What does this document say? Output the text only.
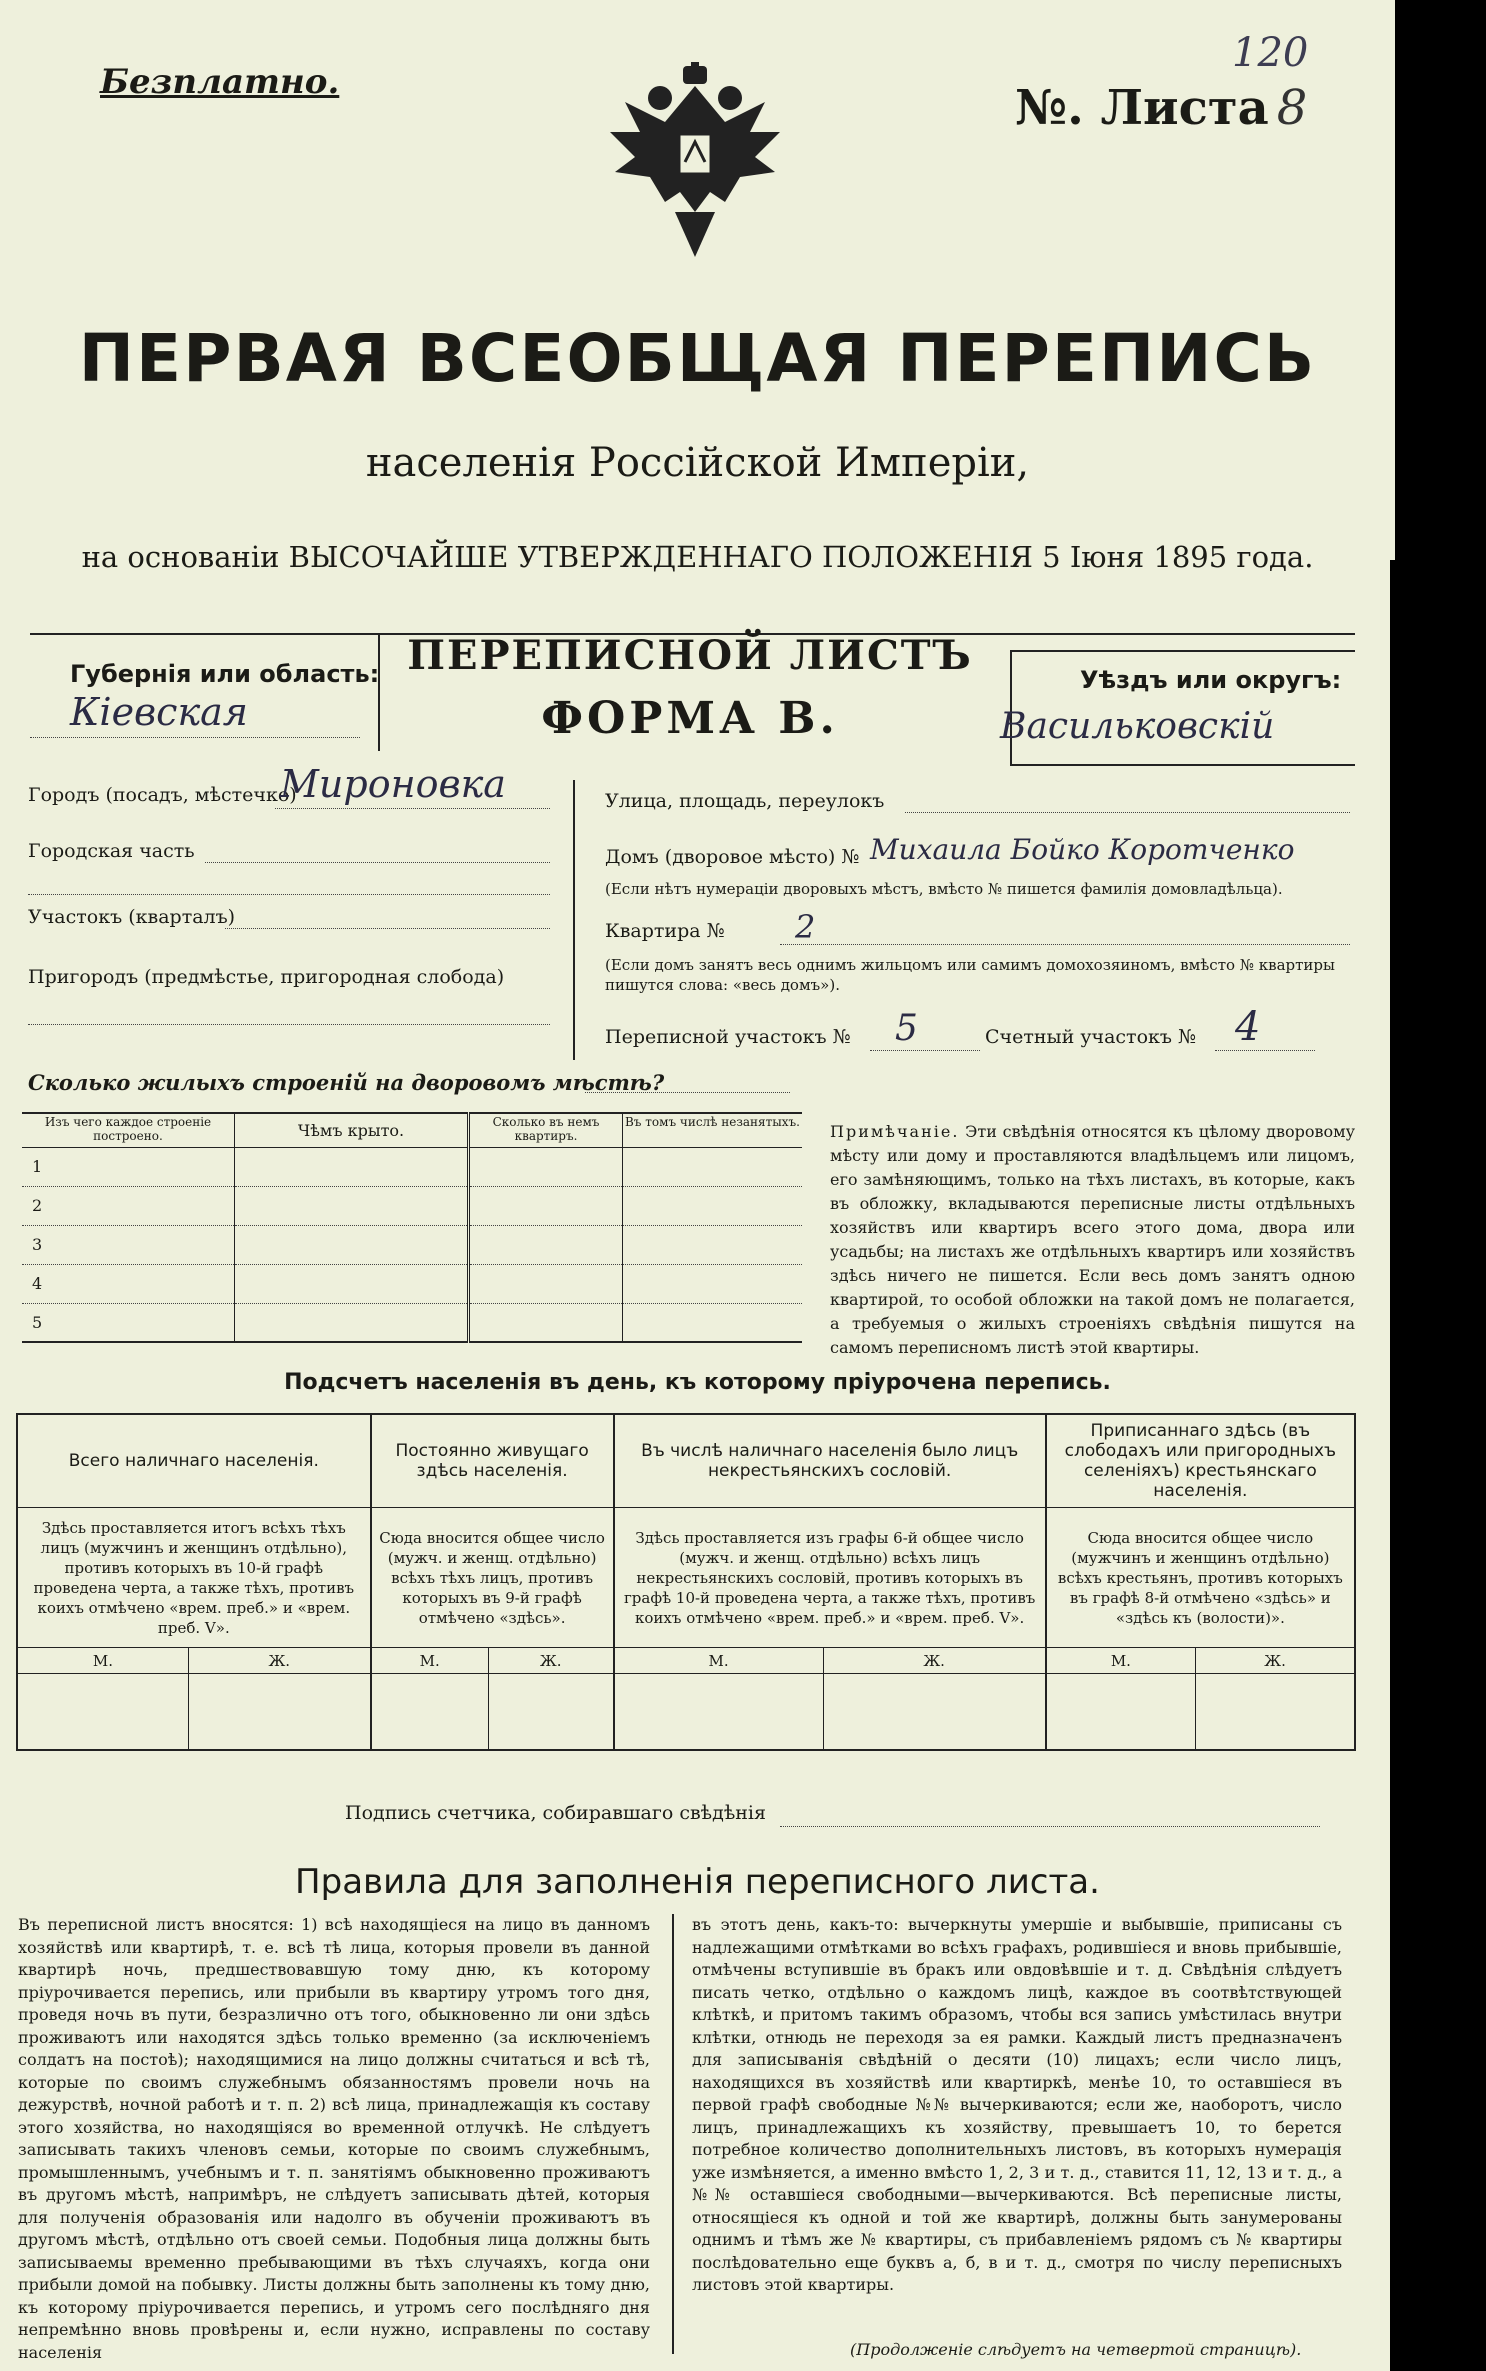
Безплатно.
120
№. Листа 8
ПЕРВАЯ ВСЕОБЩАЯ ПЕРЕПИСЬ
населенія Россійской Имперіи,
на основаніи ВЫСОЧАЙШЕ УТВЕРЖДЕННАГО ПОЛОЖЕНІЯ 5 Іюня 1895 года.
Губернія или область:
Кіевская
ПЕРЕПИСНОЙ ЛИСТЪ
ФОРМА В.
Уѣздъ или округъ:
Васильковскій
Городъ (посадъ, мѣстечко)
Мироновка
Городская часть
Участокъ (кварталъ)
Пригородъ (предмѣстье, пригородная слобода)
Улица, площадь, переулокъ
Домъ (дворовое мѣсто) № Михаила Бойко Коротченко
(Если нѣтъ нумераціи дворовыхъ мѣстъ, вмѣсто № пишется фамилія домовладѣльца).
Квартира № 2
(Если домъ занятъ весь однимъ жильцомъ или самимъ домохозяиномъ, вмѣсто № квартиры пишутся слова: «весь домъ»).
Переписной участокъ № 5	Счетный участокъ № 4
Сколько жилыхъ строеній на дворовомъ мѣстѣ?
Изъ чего каждое строеніе построено.	Чѣмъ крыто.	Сколько въ немъ квартиръ.	Въ томъ числѣ незанятыхъ.
1			
2			
3			
4			
5			
Примѣчаніе. Эти свѣдѣнія относятся къ цѣлому дворовому мѣсту или дому и проставляются владѣльцемъ или лицомъ, его замѣняющимъ, только на тѣхъ листахъ, въ которые, какъ въ обложку, вкладываются переписные листы отдѣльныхъ хозяйствъ или квартиръ всего этого дома, двора или усадьбы; на листахъ же отдѣльныхъ квартиръ или хозяйствъ здѣсь ничего не пишется. Если весь домъ занятъ одною квартирой, то особой обложки на такой домъ не полагается, а требуемыя о жилыхъ строеніяхъ свѣдѣнія пишутся на самомъ переписномъ листѣ этой квартиры.
Подсчетъ населенія въ день, къ которому пріурочена перепись.
Всего наличнаго населенія.		Постоянно живущаго здѣсь населенія.		Въ числѣ наличнаго населенія было лицъ некрестьянскихъ сословій.		Приписаннаго здѣсь (въ слободахъ или пригородныхъ селеніяхъ) крестьянскаго населенія.	
Здѣсь проставляется итогъ всѣхъ тѣхъ лицъ (мужчинъ и женщинъ отдѣльно), противъ которыхъ въ 10-й графѣ проведена черта, а также тѣхъ, противъ коихъ отмѣчено «врем. преб.» и «врем. преб. V».		Сюда вносится общее число (мужч. и женщ. отдѣльно) всѣхъ тѣхъ лицъ, противъ которыхъ въ 9-й графѣ отмѣчено «здѣсь».		Здѣсь проставляется изъ графы 6-й общее число (мужч. и женщ. отдѣльно) всѣхъ лицъ некрестьянскихъ сословій, противъ которыхъ въ графѣ 10-й проведена черта, а также тѣхъ, противъ коихъ отмѣчено «врем. преб.» и «врем. преб. V».		Сюда вносится общее число (мужчинъ и женщинъ отдѣльно) всѣхъ крестьянъ, противъ которыхъ въ графѣ 8-й отмѣчено «здѣсь» и «здѣсь къ (волости)».	
М.	Ж.	М.	Ж.	М.	Ж.	М.	Ж.

Подпись счетчика, собиравшаго свѣдѣнія
Правила для заполненія переписного листа.
Въ переписной листъ вносятся: 1) всѣ находящіеся на лицо въ данномъ хозяйствѣ или квартирѣ, т. е. всѣ тѣ лица, которыя провели въ данной квартирѣ ночь, предшествовавшую тому дню, къ которому пріурочивается перепись, или прибыли въ квартиру утромъ того дня, проведя ночь въ пути, безразлично отъ того, обыкновенно ли они здѣсь проживаютъ или находятся здѣсь только временно (за исключеніемъ солдатъ на постоѣ); находящимися на лицо должны считаться и всѣ тѣ, которые по своимъ служебнымъ обязанностямъ провели ночь на дежурствѣ, ночной работѣ и т. п. 2) всѣ лица, принадлежащія къ составу этого хозяйства, но находящіяся во временной отлучкѣ. Не слѣдуетъ записывать такихъ членовъ семьи, которые по своимъ служебнымъ, промышленнымъ, учебнымъ и т. п. занятіямъ обыкновенно проживаютъ въ другомъ мѣстѣ, напримѣръ, не слѣдуетъ записывать дѣтей, которыя для полученія образованія или надолго въ обученіи проживаютъ въ другомъ мѣстѣ, отдѣльно отъ своей семьи. Подобныя лица должны быть записываемы временно пребывающими въ тѣхъ случаяхъ, когда они прибыли домой на побывку. Листы должны быть заполнены къ тому дню, къ которому пріурочивается перепись, и утромъ сего послѣдняго дня непремѣнно вновь провѣрены и, если нужно, исправлены по составу населенія
въ этотъ день, какъ-то: вычеркнуты умершіе и выбывшіе, приписаны съ надлежащими отмѣтками во всѣхъ графахъ, родившіеся и вновь прибывшіе, отмѣчены вступившіе въ бракъ или овдовѣвшіе и т. д. Свѣдѣнія слѣдуетъ писать четко, отдѣльно о каждомъ лицѣ, каждое въ соотвѣтствующей клѣткѣ, и притомъ такимъ образомъ, чтобы вся запись умѣстилась внутри клѣтки, отнюдь не переходя за ея рамки. Каждый листъ предназначенъ для записыванія свѣдѣній о десяти (10) лицахъ; если число лицъ, находящихся въ хозяйствѣ или квартиркѣ, менѣе 10, то оставшіеся въ первой графѣ свободные №№ вычеркиваются; если же, наоборотъ, число лицъ, принадлежащихъ къ хозяйству, превышаетъ 10, то берется потребное количество дополнительныхъ листовъ, въ которыхъ нумерація уже измѣняется, а именно вмѣсто 1, 2, 3 и т. д., ставится 11, 12, 13 и т. д., а №№ оставшіеся свободными—вычеркиваются. Всѣ переписные листы, относящіеся къ одной и той же квартирѣ, должны быть занумерованы однимъ и тѣмъ же № квартиры, съ прибавленіемъ рядомъ съ № квартиры послѣдовательно еще буквъ а, б, в и т. д., смотря по числу переписныхъ листовъ этой квартиры.
(Продолженіе слѣдуетъ на четвертой страницѣ).
